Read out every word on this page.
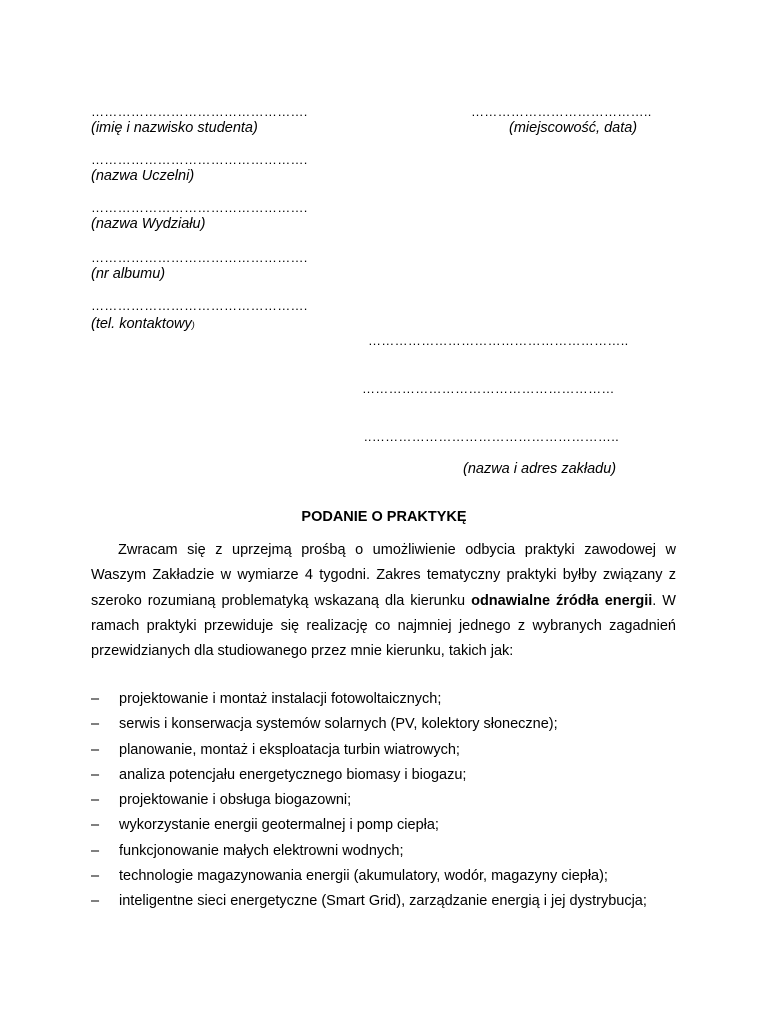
………………………………………….
(imię i nazwisko studenta)
………………………………………….
(nazwa Uczelni)
………………………………………….
(nazwa Wydziału)
………………………………………….
(nr albumu)
………………………………………….
(tel. kontaktowy)
…………………………………..
(miejscowość, data)
…………………………………………………..
…………………………………………………
..………………………………………………..
(nazwa i adres zakładu)
PODANIE O PRAKTYKĘ
Zwracam się z uprzejmą prośbą o umożliwienie odbycia praktyki zawodowej w Waszym Zakładzie w wymiarze 4 tygodni. Zakres tematyczny praktyki byłby związany z szeroko rozumianą problematyką wskazaną dla kierunku odnawialne źródła energii. W ramach praktyki przewiduje się realizację co najmniej jednego z wybranych zagadnień przewidzianych dla studiowanego przez mnie kierunku, takich jak:
– projektowanie i montaż instalacji fotowoltaicznych;
– serwis i konserwacja systemów solarnych (PV, kolektory słoneczne);
– planowanie, montaż i eksploatacja turbin wiatrowych;
– analiza potencjału energetycznego biomasy i biogazu;
– projektowanie i obsługa biogazowni;
– wykorzystanie energii geotermalnej i pomp ciepła;
– funkcjonowanie małych elektrowni wodnych;
– technologie magazynowania energii (akumulatory, wodór, magazyny ciepła);
– inteligentne sieci energetyczne (Smart Grid), zarządzanie energią i jej dystrybucja;
